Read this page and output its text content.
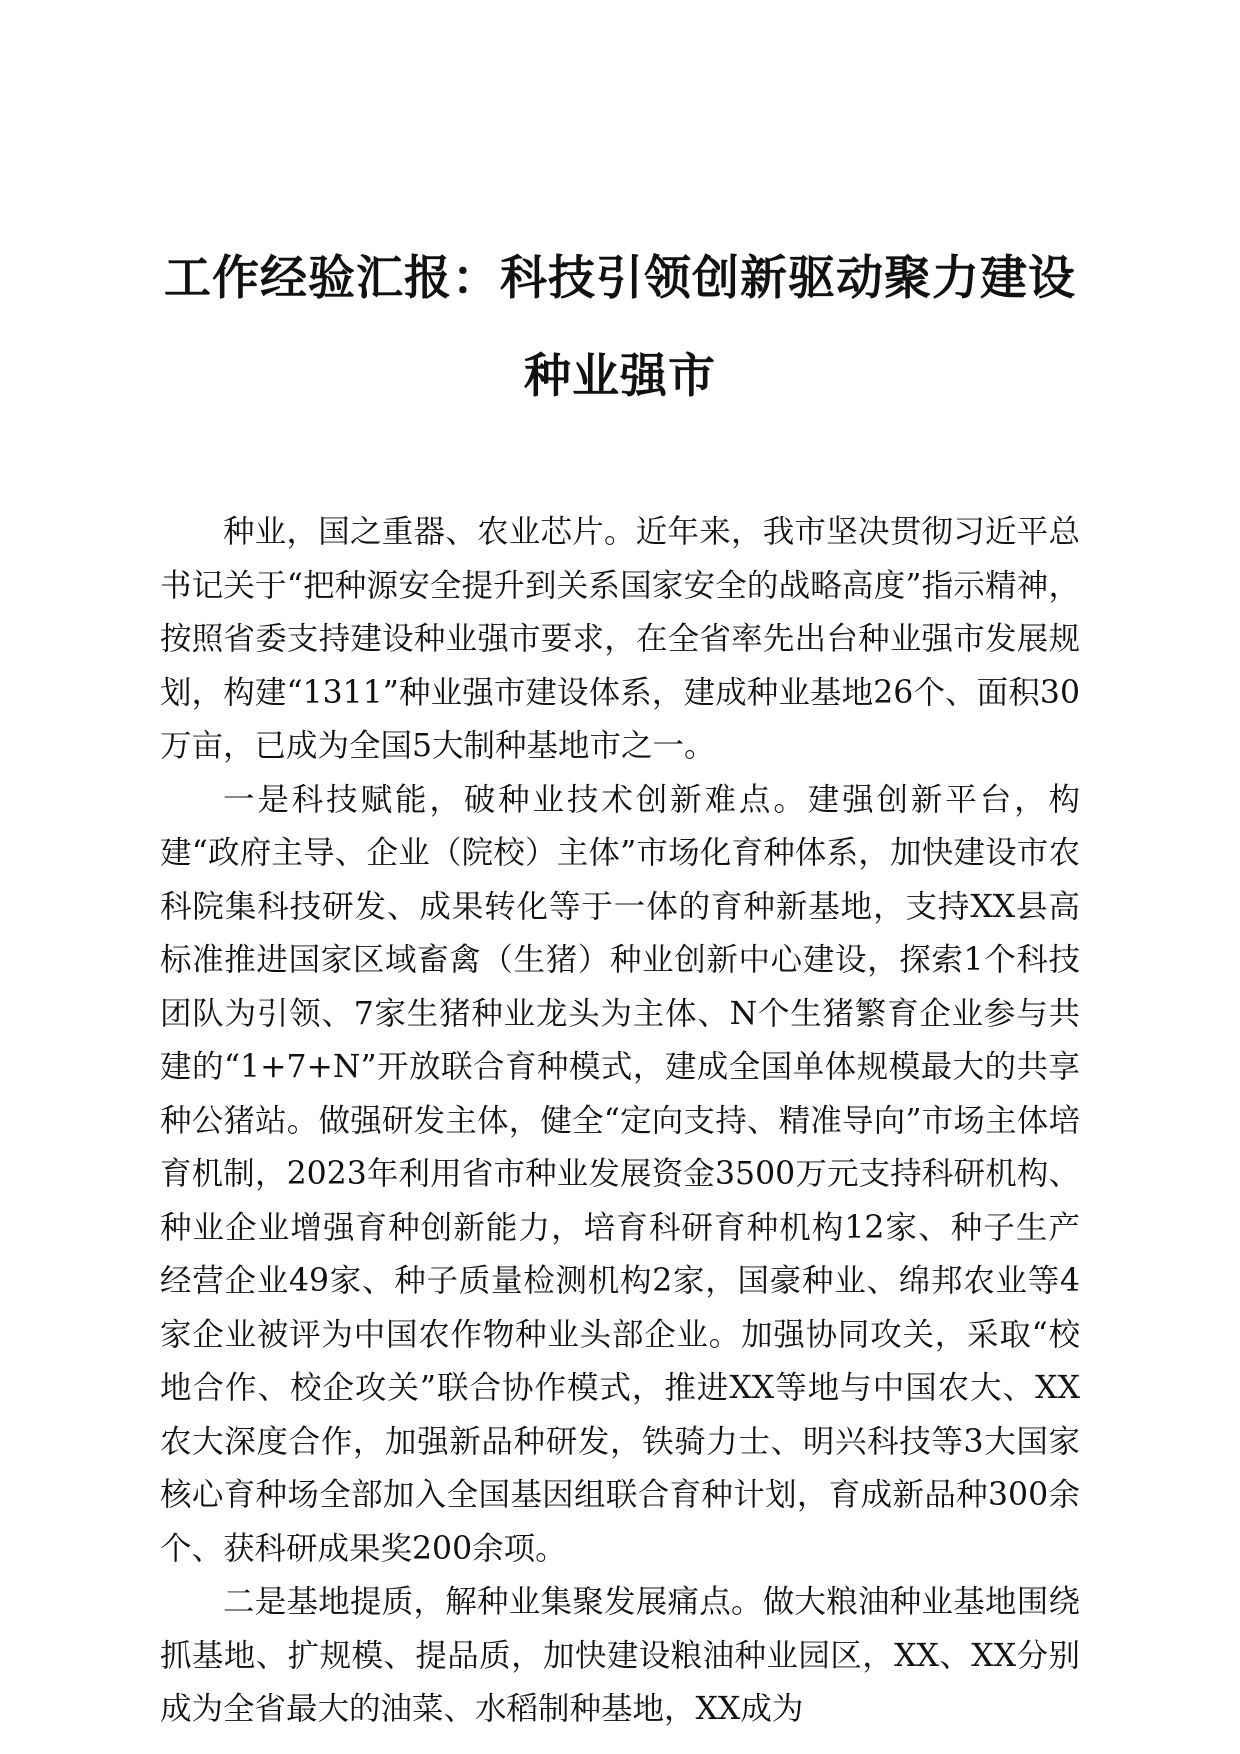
工作经验汇报：科技引领创新驱动聚力建设种业强市

种业，国之重器、农业芯片。近年来，我市坚决贯彻习近平总书记关于“把种源安全提升到关系国家安全的战略高度”指示精神，按照省委支持建设种业强市要求，在全省率先出台种业强市发展规划，构建“1311”种业强市建设体系，建成种业基地26个、面积30万亩，已成为全国5大制种基地市之一。

一是科技赋能，破种业技术创新难点。建强创新平台，构建“政府主导、企业（院校）主体”市场化育种体系，加快建设市农科院集科技研发、成果转化等于一体的育种新基地，支持XX县高标准推进国家区域畜禽（生猪）种业创新中心建设，探索1个科技团队为引领、7家生猪种业龙头为主体、N个生猪繁育企业参与共建的“1+7+N”开放联合育种模式，建成全国单体规模最大的共享种公猪站。做强研发主体，健全“定向支持、精准导向”市场主体培育机制，2023年利用省市种业发展资金3500万元支持科研机构、种业企业增强育种创新能力，培育科研育种机构12家、种子生产经营企业49家、种子质量检测机构2家，国豪种业、绵邦农业等4家企业被评为中国农作物种业头部企业。加强协同攻关，采取“校地合作、校企攻关”联合协作模式，推进XX等地与中国农大、XX农大深度合作，加强新品种研发，铁骑力士、明兴科技等3大国家核心育种场全部加入全国基因组联合育种计划，育成新品种300余个、获科研成果奖200余项。

二是基地提质，解种业集聚发展痛点。做大粮油种业基地围绕抓基地、扩规模、提品质，加快建设粮油种业园区，XX、XX分别成为全省最大的油菜、水稻制种基地，XX成为
